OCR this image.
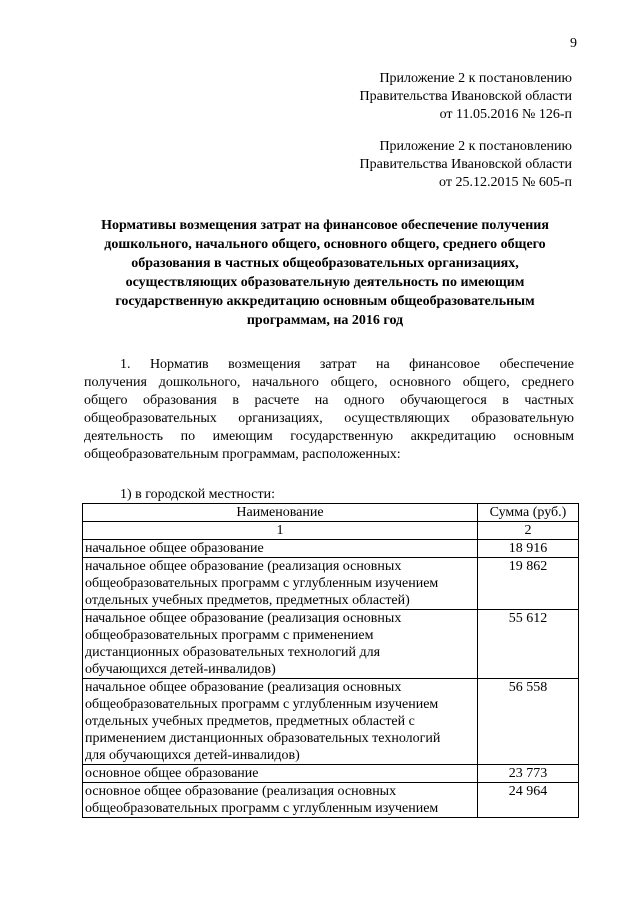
9
Приложение 2 к постановлению
Правительства Ивановской области
от 11.05.2016 № 126-п
Приложение 2 к постановлению
Правительства Ивановской области
от 25.12.2015 № 605-п
Нормативы возмещения затрат на финансовое обеспечение получения
дошкольного, начального общего, основного общего, среднего общего
образования в частных общеобразовательных организациях,
осуществляющих образовательную деятельность по имеющим
государственную аккредитацию основным общеобразовательным
программам, на 2016 год
1. Норматив возмещения затрат на финансовое обеспечение
получения дошкольного, начального общего, основного общего, среднего
общего образования в расчете на одного обучающегося в частных
общеобразовательных организациях, осуществляющих образовательную
деятельность по имеющим государственную аккредитацию основным
общеобразовательным программам, расположенных:
1) в городской местности:
Наименование	Сумма (руб.)
1	2

начальное общее образование	18 916

начальное общее образование (реализация основных
общеобразовательных программ с углубленным изучением
отдельных учебных предметов, предметных областей)	19 862

начальное общее образование (реализация основных
общеобразовательных программ с применением
дистанционных образовательных технологий для
обучающихся детей-инвалидов)	55 612

начальное общее образование (реализация основных
общеобразовательных программ с углубленным изучением
отдельных учебных предметов, предметных областей с
применением дистанционных образовательных технологий
для обучающихся детей-инвалидов)	56 558

основное общее образование	23 773

основное общее образование (реализация основных
общеобразовательных программ с углубленным изучением	24 964
